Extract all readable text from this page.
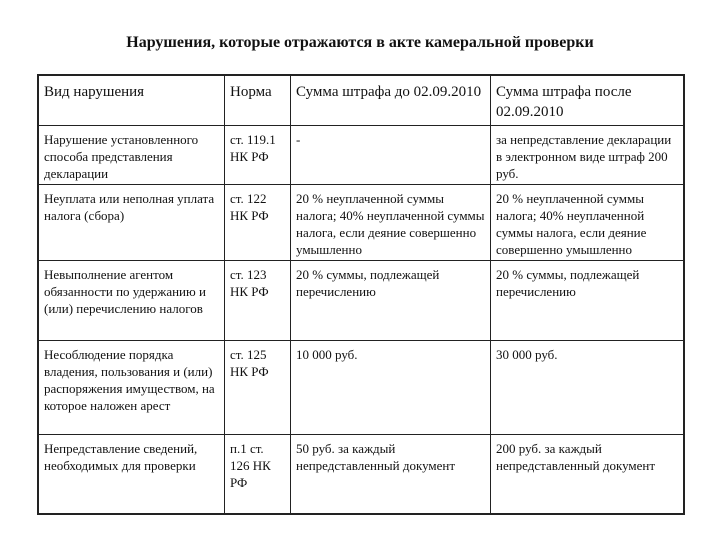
Нарушения, которые отражаются в акте камеральной проверки
Вид нарушения	Норма	Сумма штрафа до 02.09.2010	Сумма штрафа после 02.09.2010
Нарушение установленного способа представления декларации	ст. 119.1 НК РФ	-	за непредставление декларации в электронном виде штраф 200 руб.
Неуплата или неполная уплата налога (сбора)	ст. 122 НК РФ	20 % неуплаченной суммы налога; 40% неуплаченной суммы налога, если деяние совершенно умышленно	20 % неуплаченной суммы налога; 40% неуплаченной суммы налога, если деяние совершенно умышленно
Невыполнение агентом обязанности по удержанию и (или) перечислению налогов	ст. 123 НК РФ	20 % суммы, подлежащей перечислению	20 % суммы, подлежащей перечислению
Несоблюдение порядка владения, пользования и (или) распоряжения имуществом, на которое наложен арест	ст. 125 НК РФ	10 000 руб.	30 000 руб.
Непредставление сведений, необходимых для проверки	п.1 ст. 126 НК РФ	50 руб. за каждый непредставленный документ	200 руб. за каждый непредставленный документ
